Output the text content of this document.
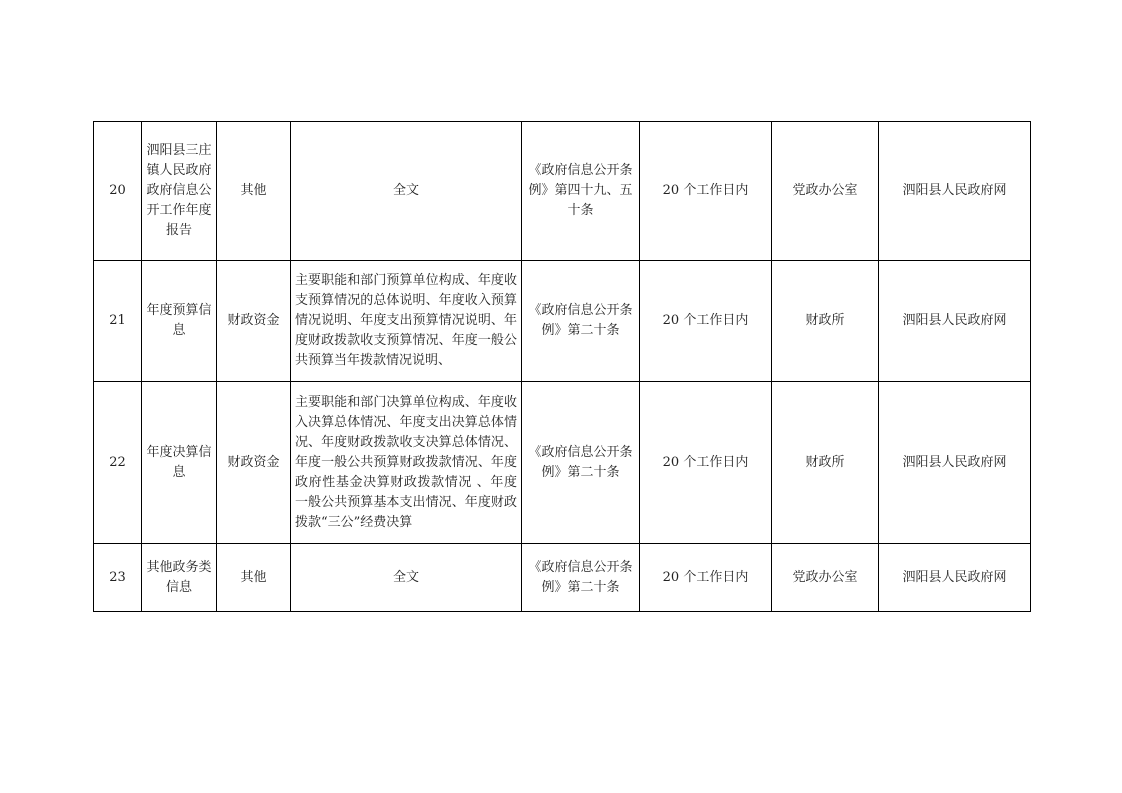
20	泗阳县三庄镇人民政府政府信息公开工作年度报告	其他	全文	《政府信息公开条例》第四十九、五十条	20 个工作日内	党政办公室	泗阳县人民政府网
21	年度预算信息	财政资金	主要职能和部门预算单位构成、年度收支预算情况的总体说明、年度收入预算情况说明、年度支出预算情况说明、年度财政拨款收支预算情况、年度一般公共预算当年拨款情况说明、	《政府信息公开条例》第二十条	20 个工作日内	财政所	泗阳县人民政府网
22	年度决算信息	财政资金	主要职能和部门决算单位构成、年度收入决算总体情况、年度支出决算总体情况、年度财政拨款收支决算总体情况、年度一般公共预算财政拨款情况、年度政府性基金决算财政拨款情况 、年度一般公共预算基本支出情况、年度财政拨款“三公”经费决算	《政府信息公开条例》第二十条	20 个工作日内	财政所	泗阳县人民政府网
23	其他政务类信息	其他	全文	《政府信息公开条例》第二十条	20 个工作日内	党政办公室	泗阳县人民政府网
